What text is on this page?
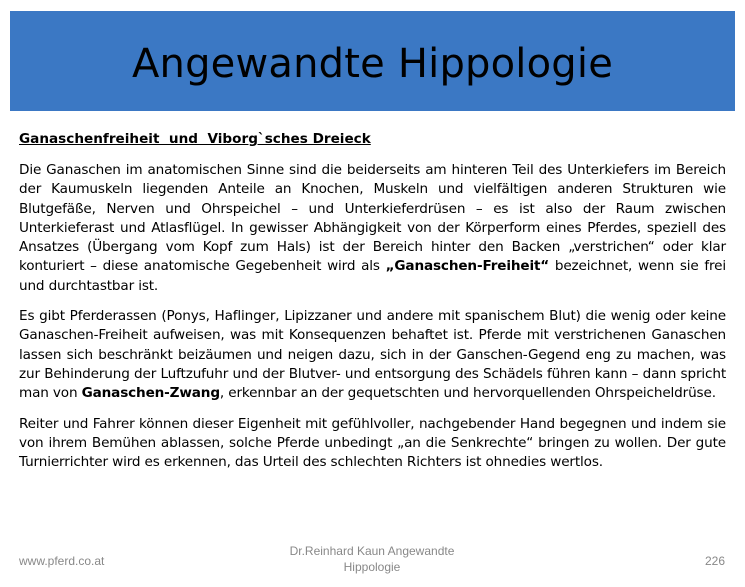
Angewandte Hippologie
Ganaschenfreiheit  und  Viborg`sches Dreieck

Die Ganaschen im anatomischen Sinne sind die beiderseits am hinteren Teil des Unterkiefers im Bereich der Kaumuskeln liegenden Anteile an Knochen, Muskeln und vielfältigen anderen Strukturen wie Blutgefäße, Nerven und Ohrspeichel – und Unterkieferdrüsen – es ist also der Raum zwischen Unterkieferast und Atlasflügel. In gewisser Abhängigkeit von der Körperform eines Pferdes, speziell des Ansatzes (Übergang vom Kopf zum Hals) ist der Bereich hinter den Backen „verstrichen“ oder klar konturiert – diese anatomische Gegebenheit wird als „Ganaschen-Freiheit“ bezeichnet, wenn sie frei und durchtastbar ist.

Es gibt Pferderassen (Ponys, Haflinger, Lipizzaner und andere mit spanischem Blut) die wenig oder keine Ganaschen-Freiheit aufweisen, was mit Konsequenzen behaftet ist. Pferde mit verstrichenen Ganaschen lassen sich beschränkt beizäumen und neigen dazu, sich in der Ganschen-Gegend eng zu machen, was zur Behinderung der Luftzufuhr und der Blutver- und entsorgung des Schädels führen kann – dann spricht man von Ganaschen-Zwang, erkennbar an der gequetschten und hervorquellenden Ohrspeicheldrüse.

Reiter und Fahrer können dieser Eigenheit mit gefühlvoller, nachgebender Hand begegnen und indem sie von ihrem Bemühen ablassen, solche Pferde unbedingt „an die Senkrechte“ bringen zu wollen. Der gute Turnierrichter wird es erkennen, das Urteil des schlechten Richters ist ohnedies wertlos.

www.pferd.co.at
Dr.Reinhard Kaun Angewandte
Hippologie	226
